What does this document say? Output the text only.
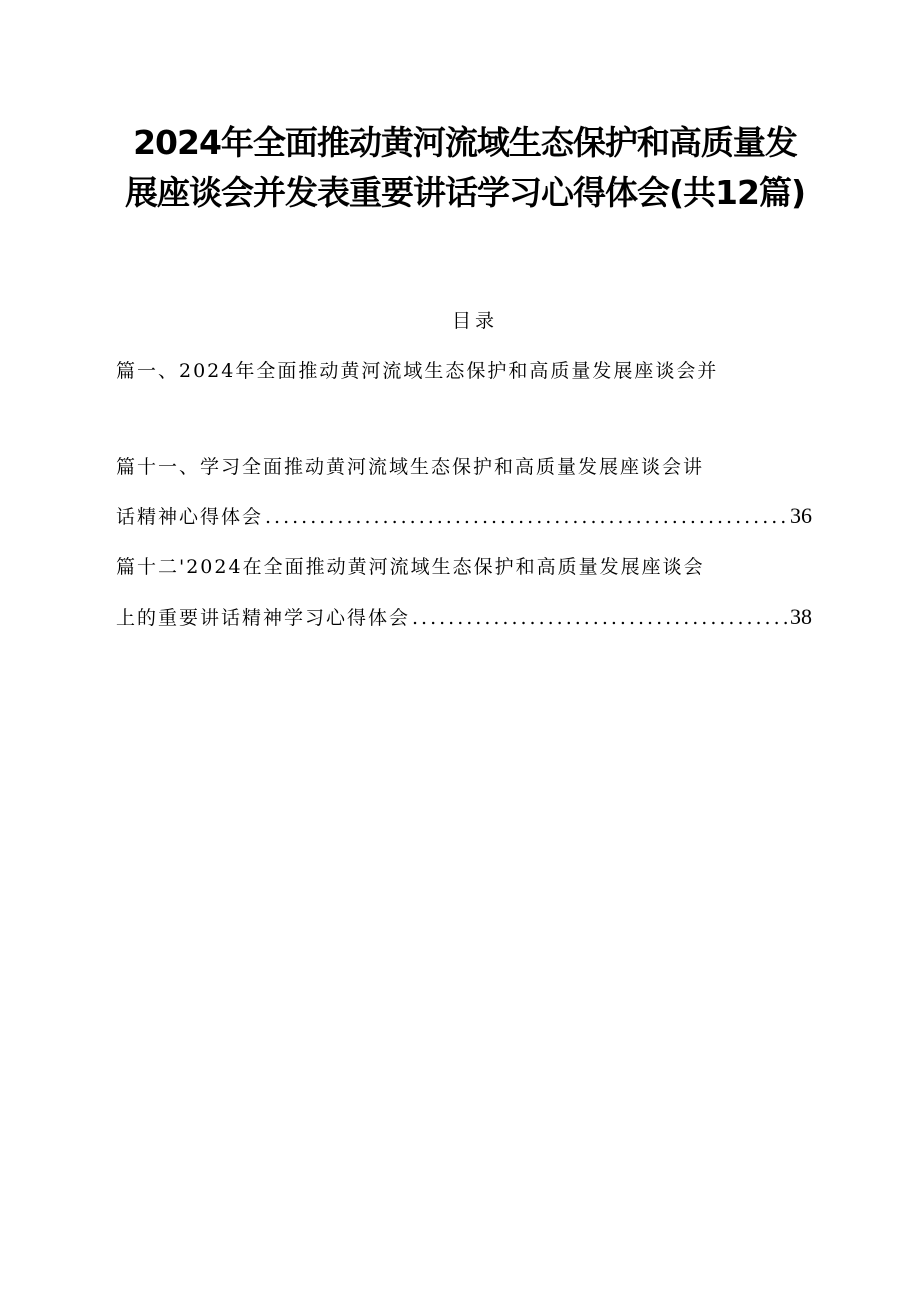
2024年全面推动黄河流域生态保护和高质量发展座谈会并发表重要讲话学习心得体会(共12篇)
目录
篇一、2024年全面推动黄河流域生态保护和高质量发展座谈会并
篇十一、学习全面推动黄河流域生态保护和高质量发展座谈会讲
话精神心得体会 .....	36
篇十二'2024在全面推动黄河流域生态保护和高质量发展座谈会
上的重要讲话精神学习心得体会 .....	38
